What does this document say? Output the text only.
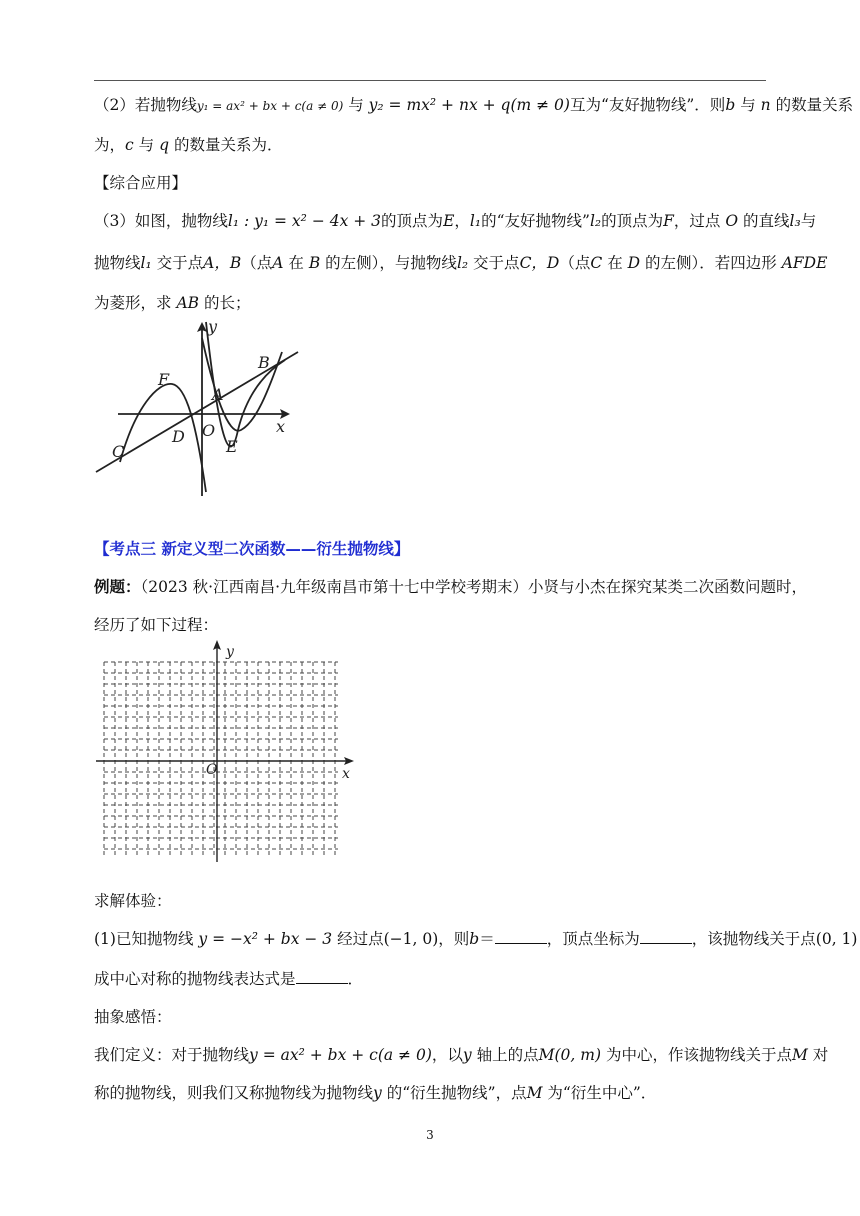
（2）若抛物线y₁ = ax² + bx + c(a ≠ 0) 与 y₂ = mx² + nx + q(m ≠ 0)互为“友好抛物线”．则b 与 n 的数量关系
为，c 与 q 的数量关系为．
【综合应用】
（3）如图，抛物线l₁ : y₁ = x² − 4x + 3的顶点为E，l₁的“友好抛物线”l₂的顶点为F，过点 O 的直线l₃与
抛物线l₁ 交于点A，B（点A 在 B 的左侧），与抛物线l₂ 交于点C，D（点C 在 D 的左侧）．若四边形 AFDE
为菱形，求 AB 的长；
y
x
F
A
B
C
D O
E
【考点三 新定义型二次函数——衍生抛物线】
例题：（2023 秋·江西南昌·九年级南昌市第十七中学校考期末）小贤与小杰在探究某类二次函数问题时，
经历了如下过程：
y
x
O
求解体验：
(1)已知抛物线 y = −x² + bx − 3 经过点(−1, 0)，则b＝	，顶点坐标为	，该抛物线关于点(0, 1)
成中心对称的抛物线表达式是	．
抽象感悟：
我们定义：对于抛物线y = ax² + bx + c(a ≠ 0)，以y 轴上的点M(0, m) 为中心，作该抛物线关于点M 对
称的抛物线，则我们又称抛物线为抛物线y 的“衍生抛物线”，点M 为“衍生中心”．
3
